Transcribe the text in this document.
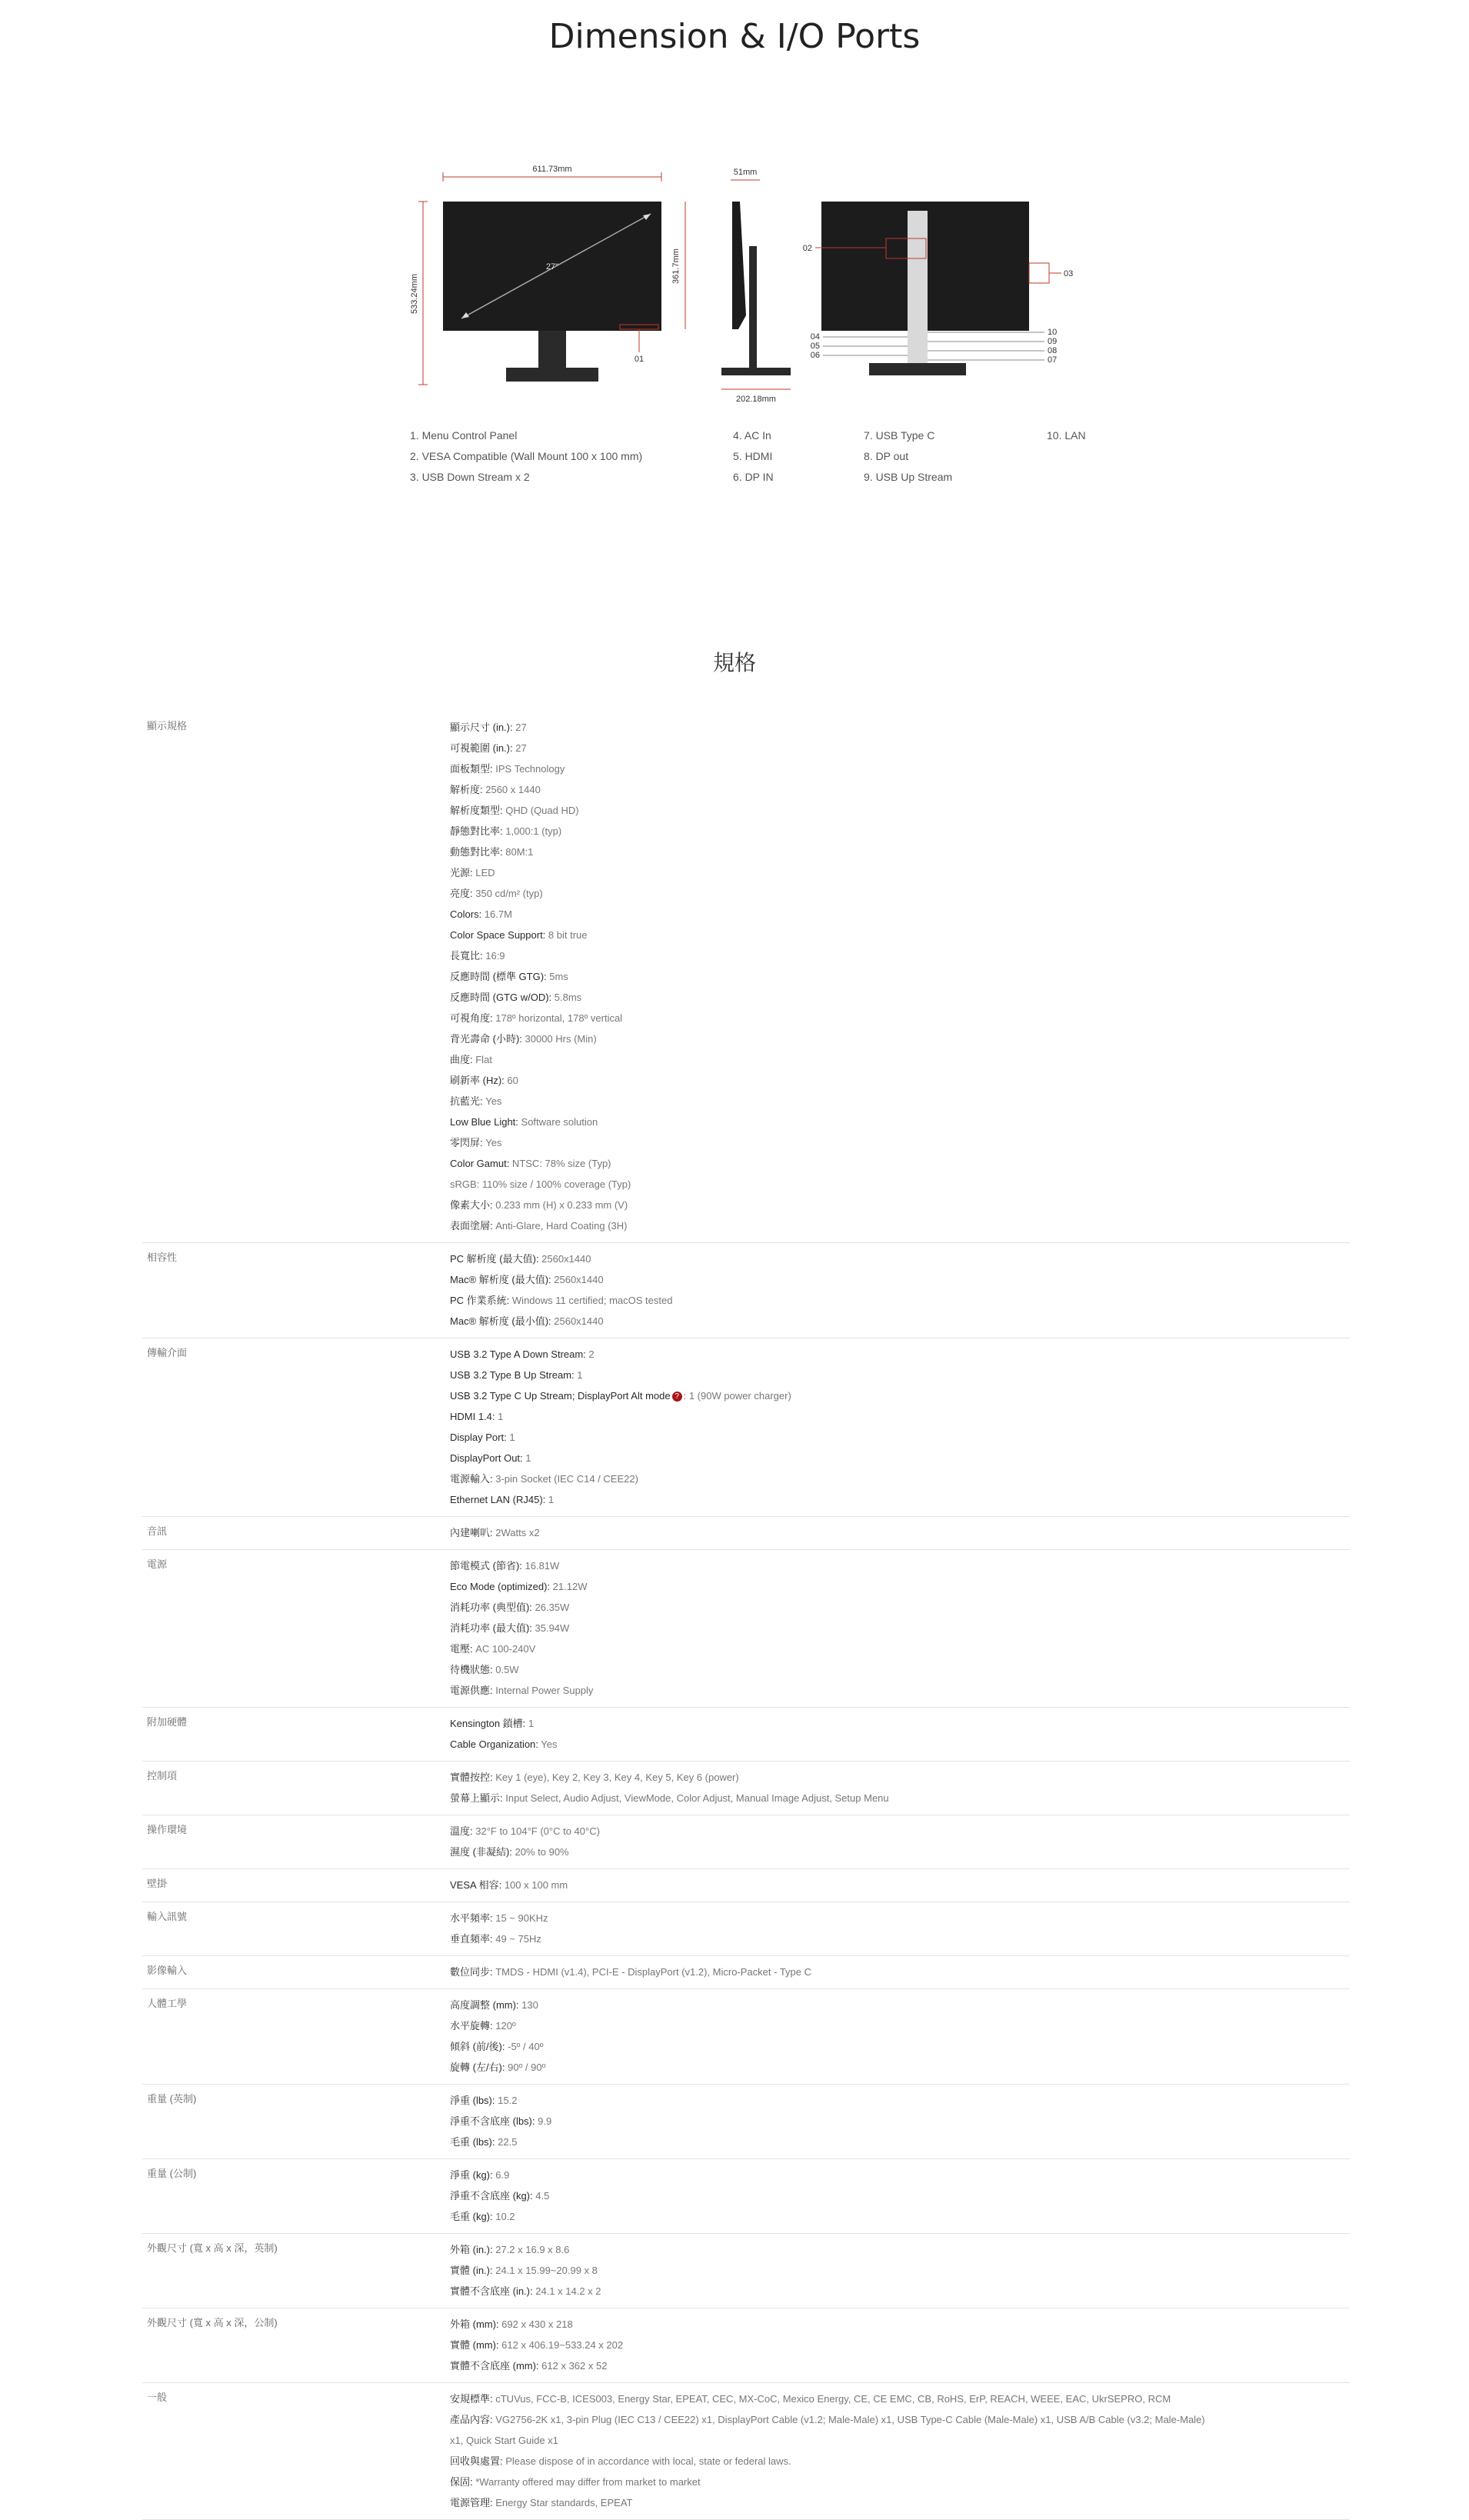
Dimension & I/O Ports
611.73mm
533.24mm
27"
01
51mm
361.7mm
202.18mm
02
03
04
05
06
10
09
08
07
1. Menu Control Panel
2. VESA Compatible (Wall Mount 100 x 100 mm)
3. USB Down Stream x 2
4. AC In
5. HDMI
6. DP IN
7. USB Type C
8. DP out
9. USB Up Stream
10. LAN
規格
顯示規格	顯示尺寸 (in.): 27
可視範圍 (in.): 27
面板類型: IPS Technology
解析度: 2560 x 1440
解析度類型: QHD (Quad HD)
靜態對比率: 1,000:1 (typ)
動態對比率: 80M:1
光源: LED
亮度: 350 cd/m² (typ)
Colors: 16.7M
Color Space Support: 8 bit true
長寬比: 16:9
反應時間 (標準 GTG): 5ms
反應時間 (GTG w/OD): 5.8ms
可視角度: 178º horizontal, 178º vertical
背光壽命 (小時): 30000 Hrs (Min)
曲度: Flat
刷新率 (Hz): 60
抗藍光: Yes
Low Blue Light: Software solution
零閃屏: Yes
Color Gamut: NTSC: 78% size (Typ)
sRGB: 110% size / 100% coverage (Typ)
像素大小: 0.233 mm (H) x 0.233 mm (V)
表面塗層: Anti-Glare, Hard Coating (3H)
相容性	PC 解析度 (最大值): 2560x1440
Mac® 解析度 (最大值): 2560x1440
PC 作業系統: Windows 11 certified; macOS tested
Mac® 解析度 (最小值): 2560x1440
傳輸介面	USB 3.2 Type A Down Stream: 2
USB 3.2 Type B Up Stream: 1
USB 3.2 Type C Up Stream; DisplayPort Alt mode ? : 1 (90W power charger)
HDMI 1.4: 1
Display Port: 1
DisplayPort Out: 1
電源輸入: 3-pin Socket (IEC C14 / CEE22)
Ethernet LAN (RJ45): 1
音訊	內建喇叭: 2Watts x2
電源	節電模式 (節省): 16.81W
Eco Mode (optimized): 21.12W
消耗功率 (典型值): 26.35W
消耗功率 (最大值): 35.94W
電壓: AC 100-240V
待機狀態: 0.5W
電源供應: Internal Power Supply
附加硬體	Kensington 鎖槽: 1
Cable Organization: Yes
控制項	實體按控: Key 1 (eye), Key 2, Key 3, Key 4, Key 5, Key 6 (power)
螢幕上顯示: Input Select, Audio Adjust, ViewMode, Color Adjust, Manual Image Adjust, Setup Menu
操作環境	溫度: 32°F to 104°F (0°C to 40°C)
濕度 (非凝結): 20% to 90%
壁掛	VESA 相容: 100 x 100 mm
輸入訊號	水平頻率: 15 ~ 90KHz
垂直頻率: 49 ~ 75Hz
影像輸入	數位同步: TMDS - HDMI (v1.4), PCI-E - DisplayPort (v1.2), Micro-Packet - Type C
人體工學	高度調整 (mm): 130
水平旋轉: 120º
傾斜 (前/後): -5º / 40º
旋轉 (左/右): 90º / 90º
重量 (英制)	淨重 (lbs): 15.2
淨重不含底座 (lbs): 9.9
毛重 (lbs): 22.5
重量 (公制)	淨重 (kg): 6.9
淨重不含底座 (kg): 4.5
毛重 (kg): 10.2
外觀尺寸 (寬 x 高 x 深，英制)	外箱 (in.): 27.2 x 16.9 x 8.6
實體 (in.): 24.1 x 15.99~20.99 x 8
實體不含底座 (in.): 24.1 x 14.2 x 2
外觀尺寸 (寬 x 高 x 深，公制)	外箱 (mm): 692 x 430 x 218
實體 (mm): 612 x 406.19~533.24 x 202
實體不含底座 (mm): 612 x 362 x 52
一般	安規標準: cTUVus, FCC-B, ICES003, Energy Star, EPEAT, CEC, MX-CoC, Mexico Energy, CE, CE EMC, CB, RoHS, ErP, REACH, WEEE, EAC, UkrSEPRO, RCM
產品內容: VG2756-2K x1, 3-pin Plug (IEC C13 / CEE22) x1, DisplayPort Cable (v1.2; Male-Male) x1, USB Type-C Cable (Male-Male) x1, USB A/B Cable (v3.2; Male-Male) x1, Quick Start Guide x1
回收與處置: Please dispose of in accordance with local, state or federal laws.
保固: *Warranty offered may differ from market to market
電源管理: Energy Star standards, EPEAT
